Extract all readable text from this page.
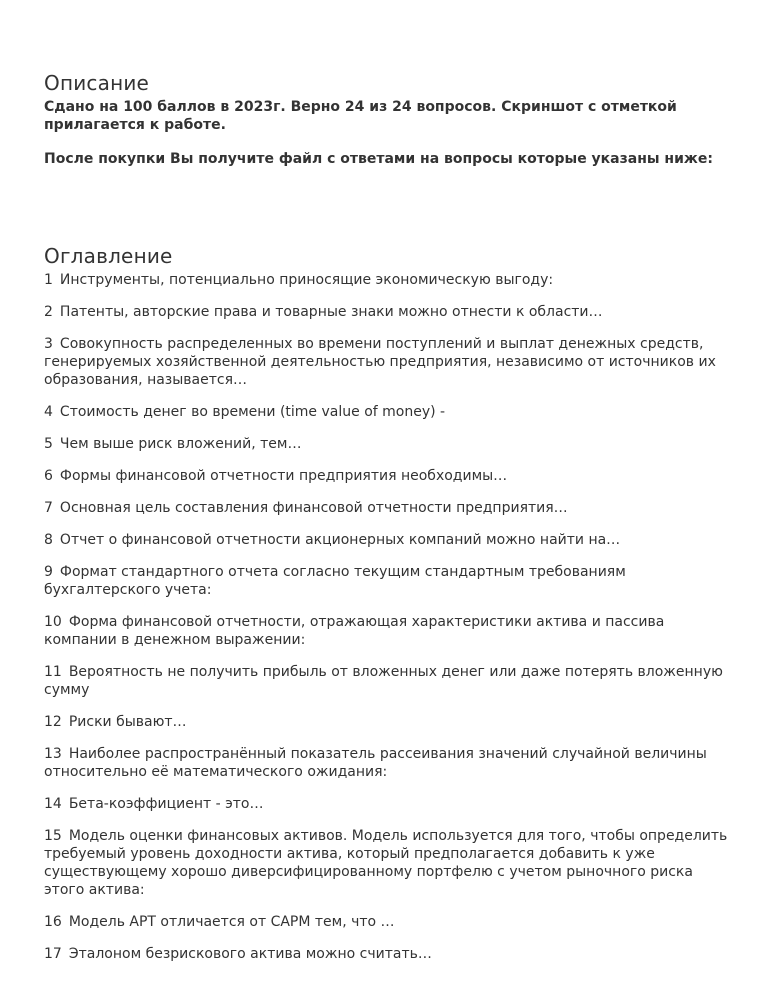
Описание

Сдано на 100 баллов в 2023г. Верно 24 из 24 вопросов. Скриншот с отметкой прилагается к работе.

После покупки Вы получите файл с ответами на вопросы которые указаны ниже:

Оглавление
1 Инструменты, потенциально приносящие экономическую выгоду:
2 Патенты, авторские права и товарные знаки можно отнести к области…
3 Совокупность распределенных во времени поступлений и выплат денежных средств, генерируемых хозяйственной деятельностью предприятия, независимо от источников их образования, называется…
4 Стоимость денег во времени (time value of money) -
5 Чем выше риск вложений, тем…
6 Формы финансовой отчетности предприятия необходимы…
7 Основная цель составления финансовой отчетности предприятия…
8 Отчет о финансовой отчетности акционерных компаний можно найти на…
9 Формат стандартного отчета согласно текущим стандартным требованиям бухгалтерского учета:
10 Форма финансовой отчетности, отражающая характеристики актива и пассива компании в денежном выражении:
11 Вероятность не получить прибыль от вложенных денег или даже потерять вложенную сумму
12 Риски бывают…
13 Наиболее распространённый показатель рассеивания значений случайной величины относительно её математического ожидания:
14 Бета-коэффициент - это…
15 Модель оценки финансовых активов. Модель используется для того, чтобы определить требуемый уровень доходности актива, который предполагается добавить к уже существующему хорошо диверсифицированному портфелю с учетом рыночного риска этого актива:
16 Модель APT отличается от CAPM тем, что …
17 Эталоном безрискового актива можно считать…
